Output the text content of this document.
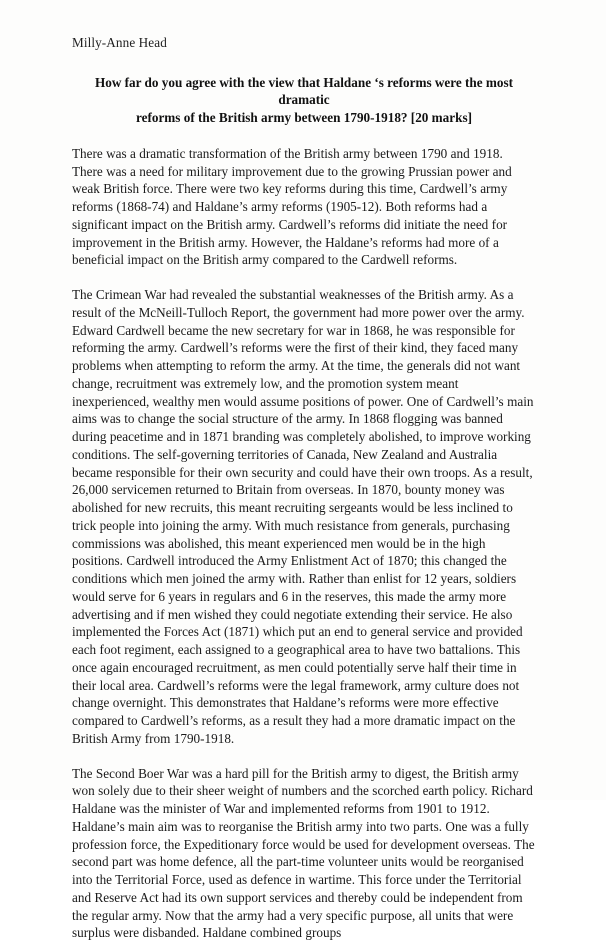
Milly-Anne Head
How far do you agree with the view that Haldane ‘s reforms were the most dramatic
reforms of the British army between 1790-1918? [20 marks]

There was a dramatic transformation of the British army between 1790 and 1918. There was a need for military improvement due to the growing Prussian power and weak British force. There were two key reforms during this time, Cardwell’s army reforms (1868-74) and Haldane’s army reforms (1905-12). Both reforms had a significant impact on the British army. Cardwell’s reforms did initiate the need for improvement in the British army. However, the Haldane’s reforms had more of a beneficial impact on the British army compared to the Cardwell reforms.

The Crimean War had revealed the substantial weaknesses of the British army. As a result of the McNeill-Tulloch Report, the government had more power over the army. Edward Cardwell became the new secretary for war in 1868, he was responsible for reforming the army. Cardwell’s reforms were the first of their kind, they faced many problems when attempting to reform the army. At the time, the generals did not want change, recruitment was extremely low, and the promotion system meant inexperienced, wealthy men would assume positions of power. One of Cardwell’s main aims was to change the social structure of the army. In 1868 flogging was banned during peacetime and in 1871 branding was completely abolished, to improve working conditions. The self-governing territories of Canada, New Zealand and Australia became responsible for their own security and could have their own troops. As a result, 26,000 servicemen returned to Britain from overseas. In 1870, bounty money was abolished for new recruits, this meant recruiting sergeants would be less inclined to trick people into joining the army. With much resistance from generals, purchasing commissions was abolished, this meant experienced men would be in the high positions. Cardwell introduced the Army Enlistment Act of 1870; this changed the conditions which men joined the army with. Rather than enlist for 12 years, soldiers would serve for 6 years in regulars and 6 in the reserves, this made the army more advertising and if men wished they could negotiate extending their service. He also implemented the Forces Act (1871) which put an end to general service and provided each foot regiment, each assigned to a geographical area to have two battalions. This once again encouraged recruitment, as men could potentially serve half their time in their local area. Cardwell’s reforms were the legal framework, army culture does not change overnight. This demonstrates that Haldane’s reforms were more effective compared to Cardwell’s reforms, as a result they had a more dramatic impact on the British Army from 1790-1918.

The Second Boer War was a hard pill for the British army to digest, the British army won solely due to their sheer weight of numbers and the scorched earth policy. Richard Haldane was the minister of War and implemented reforms from 1901 to 1912. Haldane’s main aim was to reorganise the British army into two parts. One was a fully profession force, the Expeditionary force would be used for development overseas. The second part was home defence, all the part-time volunteer units would be reorganised into the Territorial Force, used as defence in wartime. This force under the Territorial and Reserve Act had its own support services and thereby could be independent from the regular army. Now that the army had a very specific purpose, all units that were surplus were disbanded. Haldane combined groups
